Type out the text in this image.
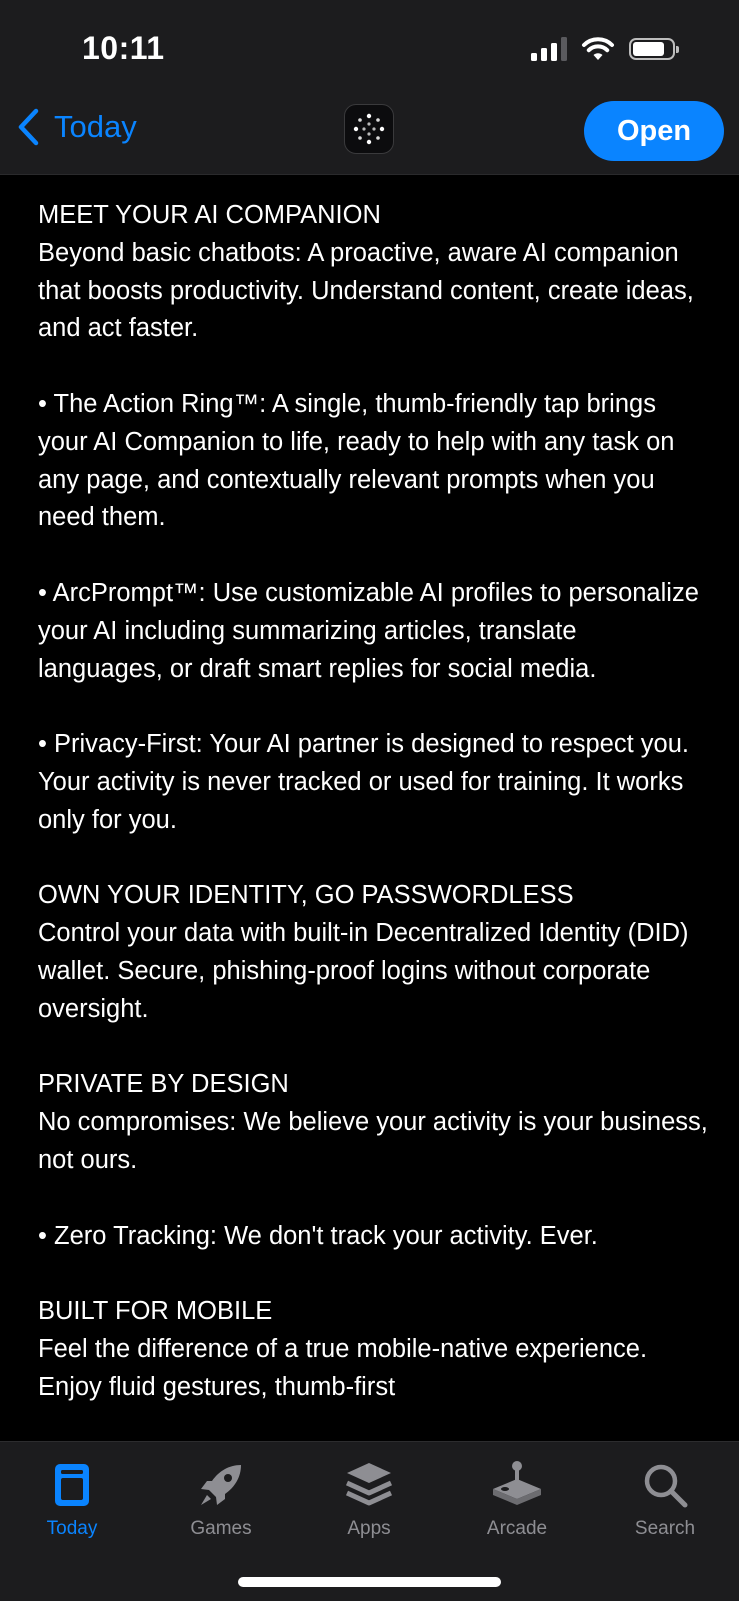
10:11
Today	Open

MEET YOUR AI COMPANION
Beyond basic chatbots: A proactive, aware AI companion that boosts productivity. Understand content, create ideas, and act faster.

• The Action Ring™: A single, thumb-friendly tap brings your AI Companion to life, ready to help with any task on any page, and contextually relevant prompts when you need them.

• ArcPrompt™: Use customizable AI profiles to personalize your AI including summarizing articles, translate languages, or draft smart replies for social media.

• Privacy-First: Your AI partner is designed to respect you. Your activity is never tracked or used for training. It works only for you.

OWN YOUR IDENTITY, GO PASSWORDLESS
Control your data with built-in Decentralized Identity (DID) wallet. Secure, phishing-proof logins without corporate oversight.

PRIVATE BY DESIGN
No compromises: We believe your activity is your business, not ours.

• Zero Tracking: We don't track your activity. Ever.

BUILT FOR MOBILE
Feel the difference of a true mobile-native experience. Enjoy fluid gestures, thumb-first

Today	Games	Apps	Arcade	Search
